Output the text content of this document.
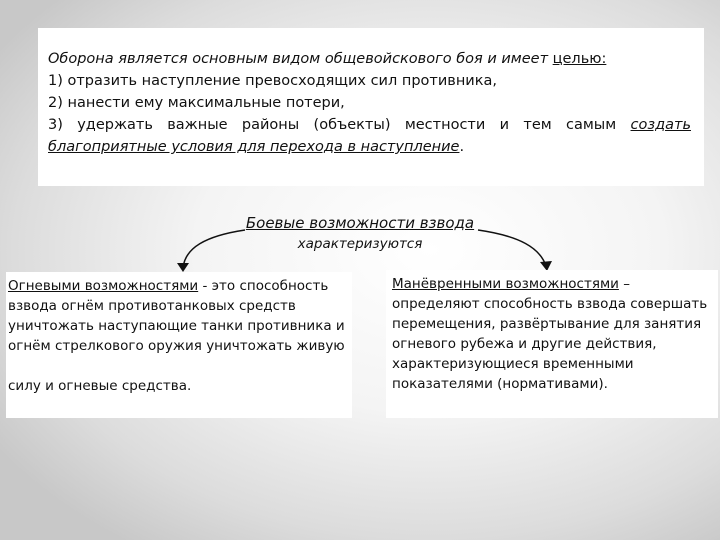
Оборона является основным видом общевойскового боя и имеет целью:

1) отразить наступление превосходящих сил противника,

2) нанести ему максимальные потери,

3) удержать важные районы (объекты) местности и тем самым создать

благоприятные условия для перехода в наступление.

Боевые возможности взвода
характеризуются

Огневыми возможностями - это способность взвода огнём противотанковых средств уничтожать наступающие танки противника и огнём стрелкового оружия уничтожать живую

силу и огневые средства.

Манёвренными возможностями –

определяют способность взвода совершать перемещения, развёртывание для занятия огневого рубежа и другие действия, характеризующиеся временными показателями (нормативами).
